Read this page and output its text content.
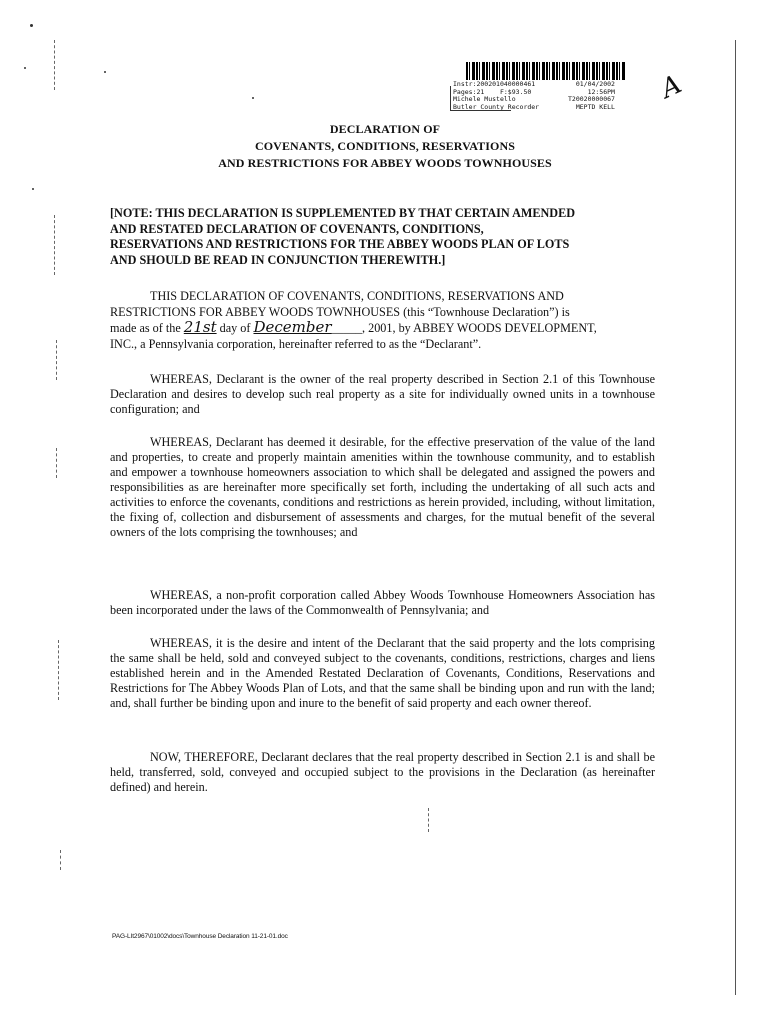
Instr:200201040000461
Pages:21    F:$93.50
Michele Mustello
Butler County Recorder
01/04/2002
12:56PM
T20020000067
MEPTD KELL
A
DECLARATION OF
COVENANTS, CONDITIONS, RESERVATIONS
AND RESTRICTIONS FOR ABBEY WOODS TOWNHOUSES
[NOTE: THIS DECLARATION IS SUPPLEMENTED BY THAT CERTAIN AMENDED
AND RESTATED DECLARATION OF COVENANTS, CONDITIONS,
RESERVATIONS AND RESTRICTIONS FOR THE ABBEY WOODS PLAN OF LOTS
AND SHOULD BE READ IN CONJUNCTION THEREWITH.]
THIS DECLARATION OF COVENANTS, CONDITIONS, RESERVATIONS AND
RESTRICTIONS FOR ABBEY WOODS TOWNHOUSES (this “Townhouse Declaration”) is
made as of the 21st day of December_____, 2001, by ABBEY WOODS DEVELOPMENT,
INC., a Pennsylvania corporation, hereinafter referred to as the “Declarant”.
WHEREAS, Declarant is the owner of the real property described in Section 2.1 of this Townhouse Declaration and desires to develop such real property as a site for individually owned units in a townhouse configuration; and
WHEREAS, Declarant has deemed it desirable, for the effective preservation of the value of the land and properties, to create and properly maintain amenities within the townhouse community, and to establish and empower a townhouse homeowners association to which shall be delegated and assigned the powers and responsibilities as are hereinafter more specifically set forth, including the undertaking of all such acts and activities to enforce the covenants, conditions and restrictions as herein provided, including, without limitation, the fixing of, collection and disbursement of assessments and charges, for the mutual benefit of the several owners of the lots comprising the townhouses; and
WHEREAS, a non-profit corporation called Abbey Woods Townhouse Homeowners Association has been incorporated under the laws of the Commonwealth of Pennsylvania; and
WHEREAS, it is the desire and intent of the Declarant that the said property and the lots comprising the same shall be held, sold and conveyed subject to the covenants, conditions, restrictions, charges and liens established herein and in the Amended Restated Declaration of Covenants, Conditions, Reservations and Restrictions for The Abbey Woods Plan of Lots, and that the same shall be binding upon and run with the land; and, shall further be binding upon and inure to the benefit of said property and each owner thereof.
NOW, THEREFORE, Declarant declares that the real property described in Section 2.1 is and shall be held, transferred, sold, conveyed and occupied subject to the provisions in the Declaration (as hereinafter defined) and herein.
PAG-LIt2967\01002\docs\Townhouse Declaration 11-21-01.doc
